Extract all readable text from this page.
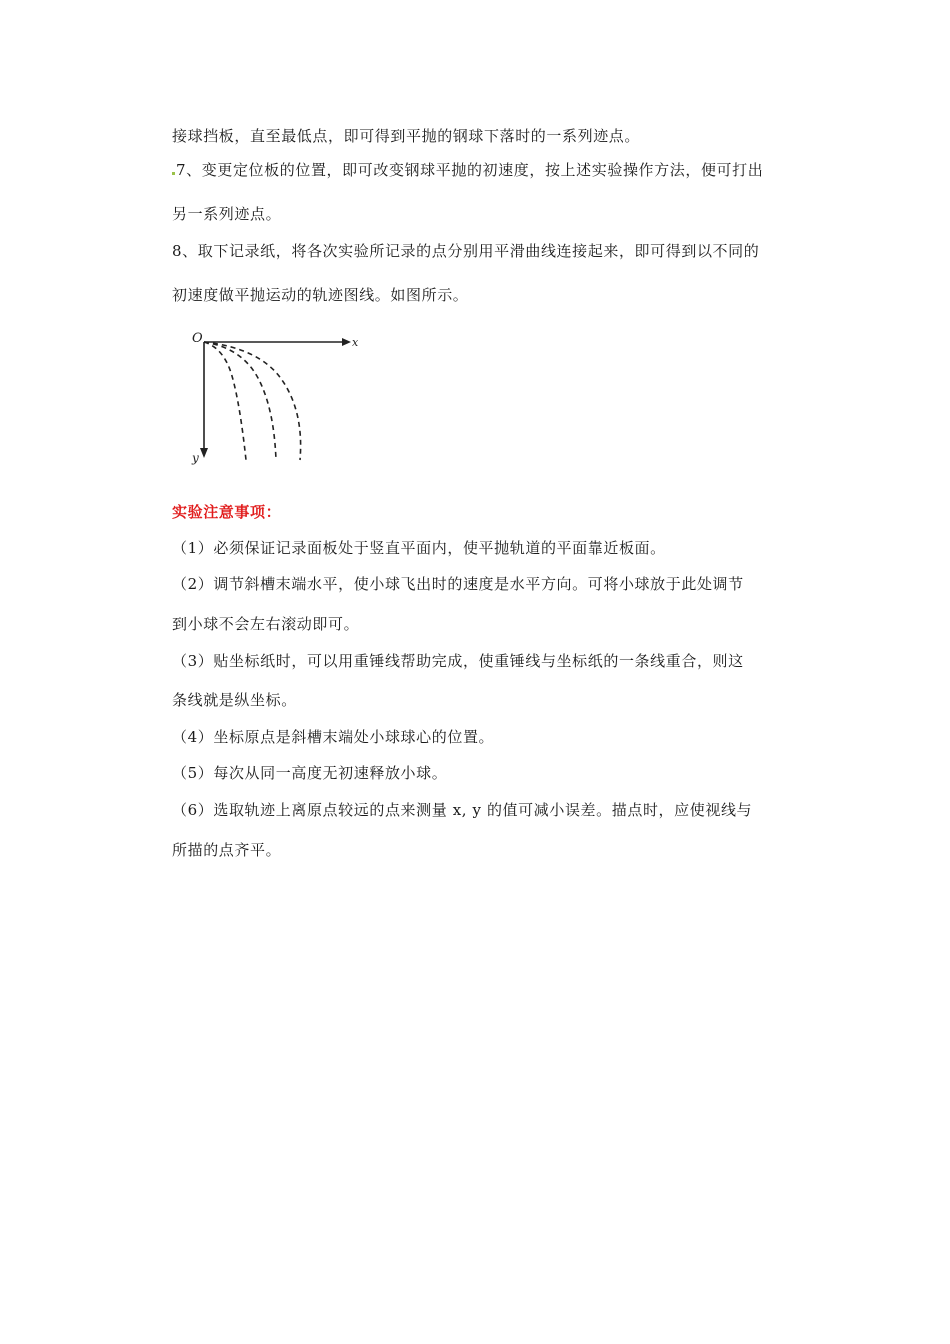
接球挡板，直至最低点，即可得到平抛的钢球下落时的一系列迹点。
7、变更定位板的位置，即可改变钢球平抛的初速度，按上述实验操作方法，便可打出
另一系列迹点。
8、取下记录纸，将各次实验所记录的点分别用平滑曲线连接起来，即可得到以不同的
初速度做平抛运动的轨迹图线。如图所示。
O	x
y
实验注意事项：
（1）必须保证记录面板处于竖直平面内，使平抛轨道的平面靠近板面。
（2）调节斜槽末端水平，使小球飞出时的速度是水平方向。可将小球放于此处调节
到小球不会左右滚动即可。
（3）贴坐标纸时，可以用重锤线帮助完成，使重锤线与坐标纸的一条线重合，则这
条线就是纵坐标。
（4）坐标原点是斜槽末端处小球球心的位置。
（5）每次从同一高度无初速释放小球。
（6）选取轨迹上离原点较远的点来测量 x, y 的值可减小误差。描点时，应使视线与
所描的点齐平。
